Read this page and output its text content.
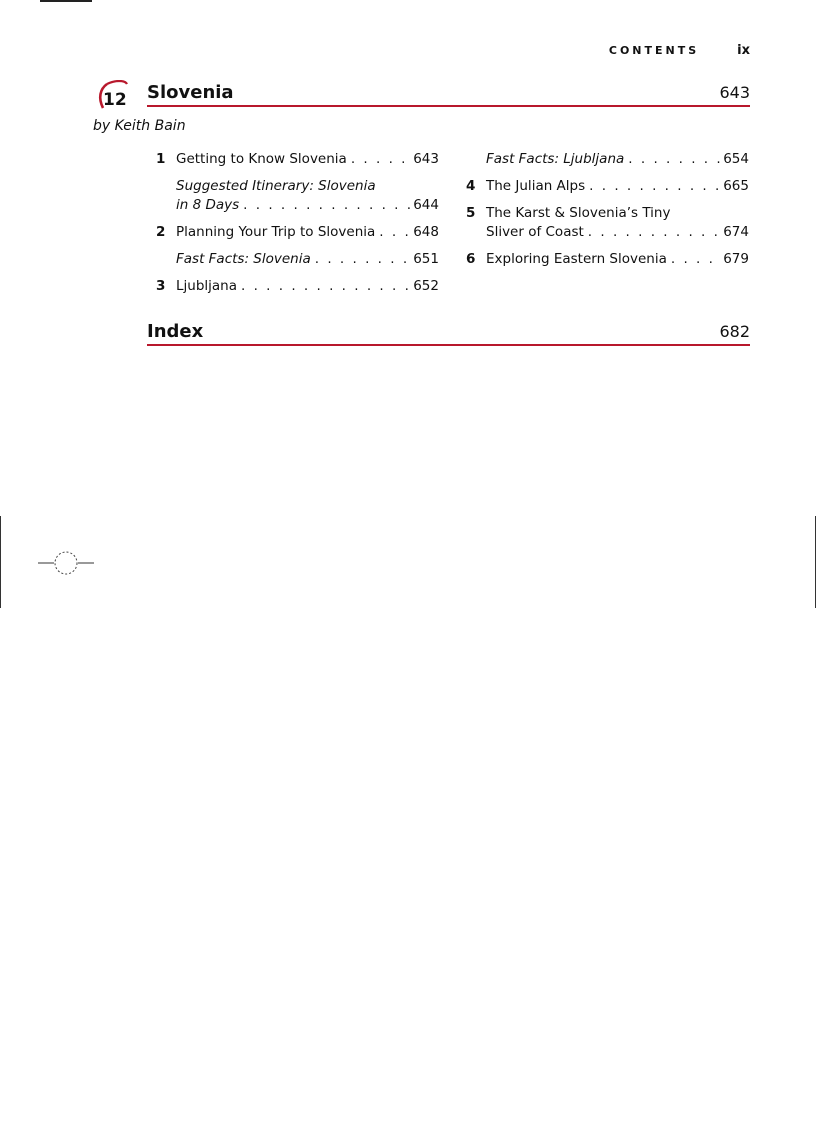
CONTENTS	ix
12 Slovenia	643
by Keith Bain
1 Getting to Know Slovenia . . .	643
Suggested Itinerary: Slovenia
in 8 Days . . .	644
2 Planning Your Trip to Slovenia . . .	648
Fast Facts: Slovenia . . .	651
3 Ljubljana . . .	652
Fast Facts: Ljubljana . . .	654
4 The Julian Alps . . .	665
5 The Karst & Slovenia’s Tiny
Sliver of Coast . . .	674
6 Exploring Eastern Slovenia . . .	679
Index	682
